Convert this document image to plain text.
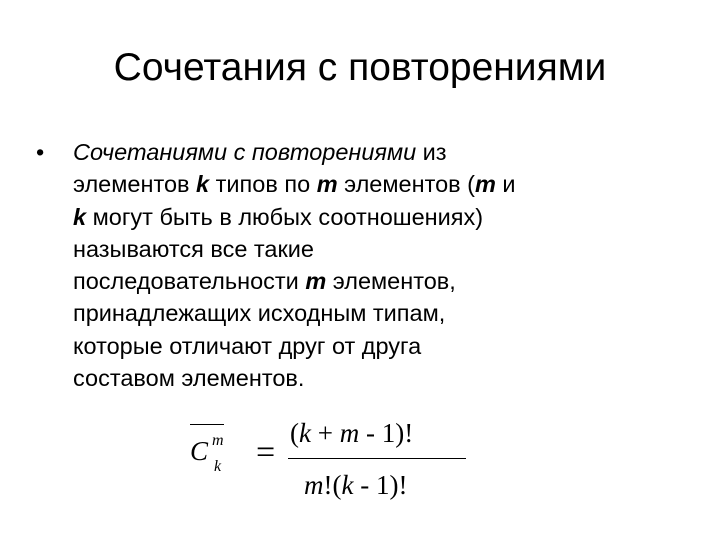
Сочетания с повторениями
•	Сочетаниями с повторениями из
элементов k типов по m элементов (m и
k могут быть в любых соотношениях)
называются все такие
последовательности m элементов,
принадлежащих исходным типам,
которые отличают друг от друга
составом элементов.
C m
k =
(k + m - 1)!
m!(k - 1)!
